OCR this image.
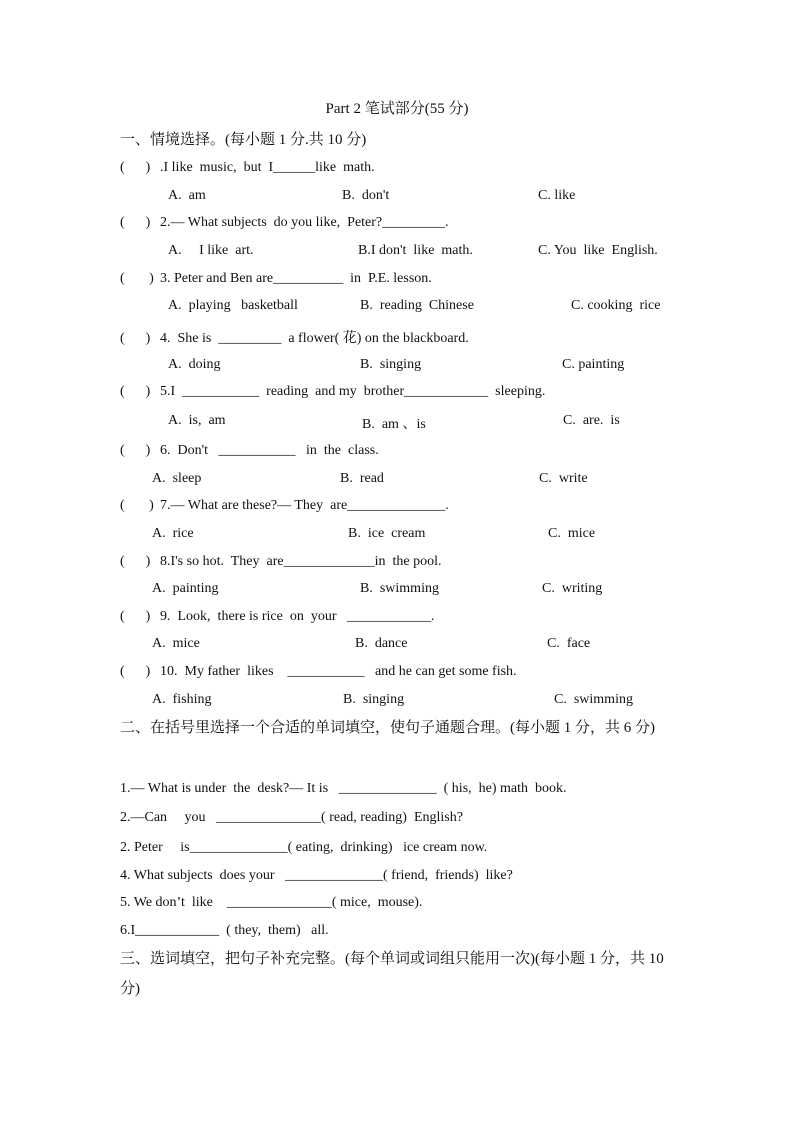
Part 2 笔试部分(55 分)
一、情境选择。(每小题 1 分.共 10 分)
(      ) .I like  music,  but  I______like  math.
A.  am	B.  don't	C. like
(      ) 2.— What subjects  do you like,  Peter?_________.
A.     I like  art.	B.I don't  like  math.	C. You  like  English.
(       ) 3. Peter and Ben are__________  in  P.E. lesson.
A.  playing   basketball	B.  reading  Chinese	C. cooking  rice
(      ) 4.  She is  _________  a flower( 花) on the blackboard.
A.  doing	B.  singing	C. painting
(      ) 5.I  ___________  reading  and my  brother____________  sleeping.
A.  is,  am	B.  am 、is	C.  are.  is
(      ) 6.  Don't   ___________   in  the  class.
A.  sleep	B.  read	C.  write
(       ) 7.— What are these?— They  are______________.
A.  rice	B.  ice  cream	C.  mice
(      ) 8.I's so hot.  They  are_____________in  the pool.
A.  painting	B.  swimming	C.  writing
(      ) 9.  Look,  there is rice  on  your   ____________.
A.  mice	B.  dance	C.  face
(      ) 10.  My father  likes    ___________   and he can get some fish.
A.  fishing	B.  singing	C.  swimming
二、在括号里选择一个合适的单词填空，使句子通题合理。(每小题 1 分，共 6 分)
1.— What is under  the  desk?— It is   ______________  ( his,  he) math  book.
2.—Can     you   _______________( read, reading)  English?
2. Peter     is______________( eating,  drinking)   ice cream now.
4. What subjects  does your   ______________( friend,  friends)  like?
5. We don’t  like    _______________( mice,  mouse).
6.I____________  ( they,  them)   all.
三、选词填空，把句子补充完整。(每个单词或词组只能用一次)(每小题 1 分，共 10 分)
